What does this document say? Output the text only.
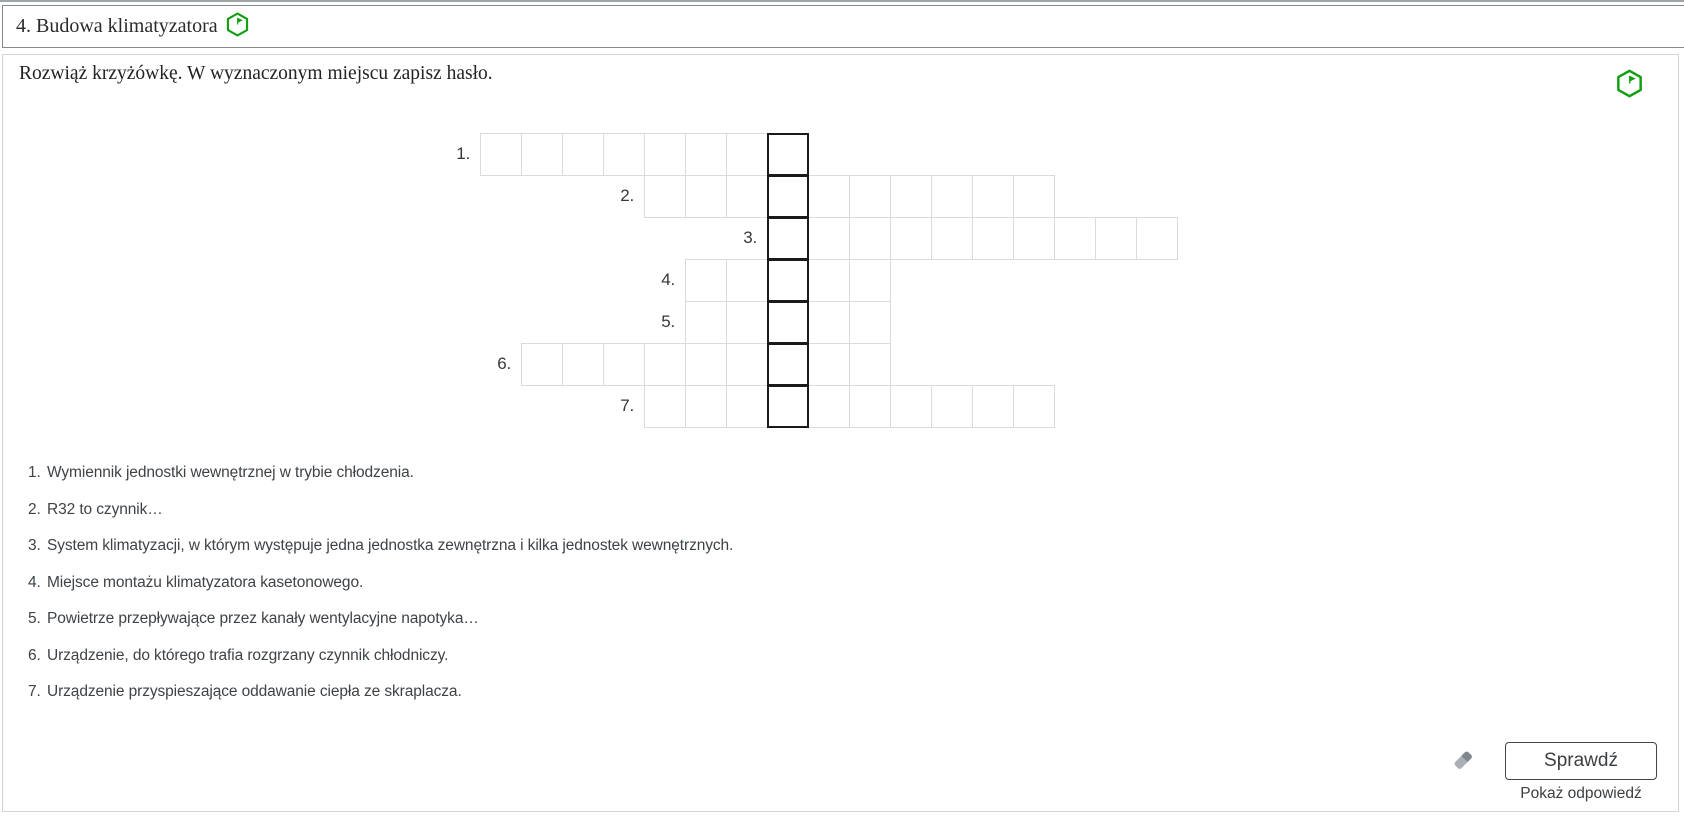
4. Budowa klimatyzatora
Rozwiąż krzyżówkę. W wyznaczonym miejscu zapisz hasło.
1.
2.
3.
4.
5.
6.
7.
1. Wymiennik jednostki wewnętrznej w trybie chłodzenia.
2. R32 to czynnik…
3. System klimatyzacji, w którym występuje jedna jednostka zewnętrzna i kilka jednostek wewnętrznych.
4. Miejsce montażu klimatyzatora kasetonowego.
5. Powietrze przepływające przez kanały wentylacyjne napotyka…
6. Urządzenie, do którego trafia rozgrzany czynnik chłodniczy.
7. Urządzenie przyspieszające oddawanie ciepła ze skraplacza.
Sprawdź
Pokaż odpowiedź
